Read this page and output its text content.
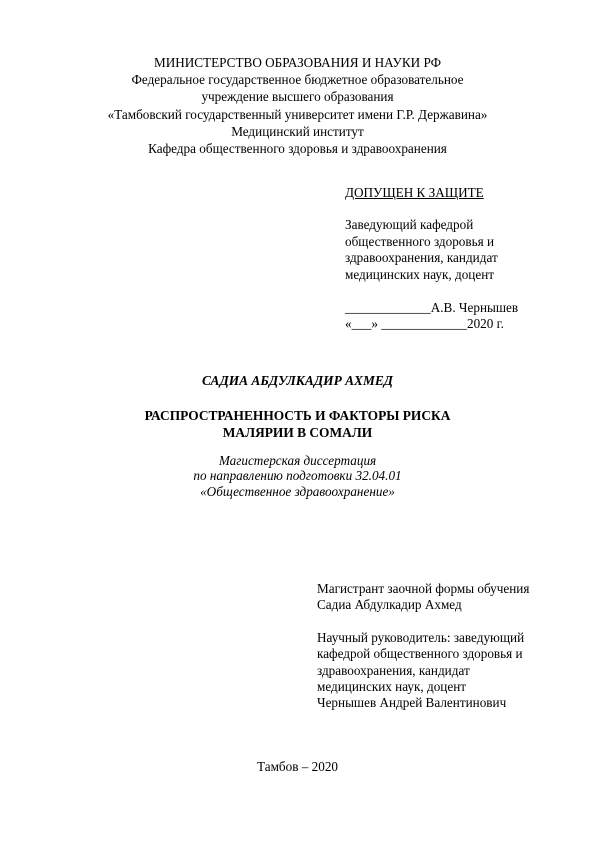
МИНИСТЕРСТВО ОБРАЗОВАНИЯ И НАУКИ РФ
Федеральное государственное бюджетное образовательное
учреждение высшего образования
«Тамбовский государственный университет имени Г.Р. Державина»
Медицинский институт
Кафедра общественного здоровья и здравоохранения
ДОПУЩЕН К ЗАЩИТЕ
Заведующий кафедрой
общественного здоровья и
здравоохранения, кандидат
медицинских наук, доцент
_____________А.В. Чернышев
«___» _____________2020 г.
САДИА АБДУЛКАДИР АХМЕД
РАСПРОСТРАНЕННОСТЬ И ФАКТОРЫ РИСКА
МАЛЯРИИ В СОМАЛИ
Магистерская диссертация
по направлению подготовки 32.04.01
«Общественное здравоохранение»
Магистрант заочной формы обучения
Садиа Абдулкадир Ахмед
Научный руководитель: заведующий
кафедрой общественного здоровья и
здравоохранения, кандидат
медицинских наук, доцент
Чернышев Андрей Валентинович
Тамбов – 2020
